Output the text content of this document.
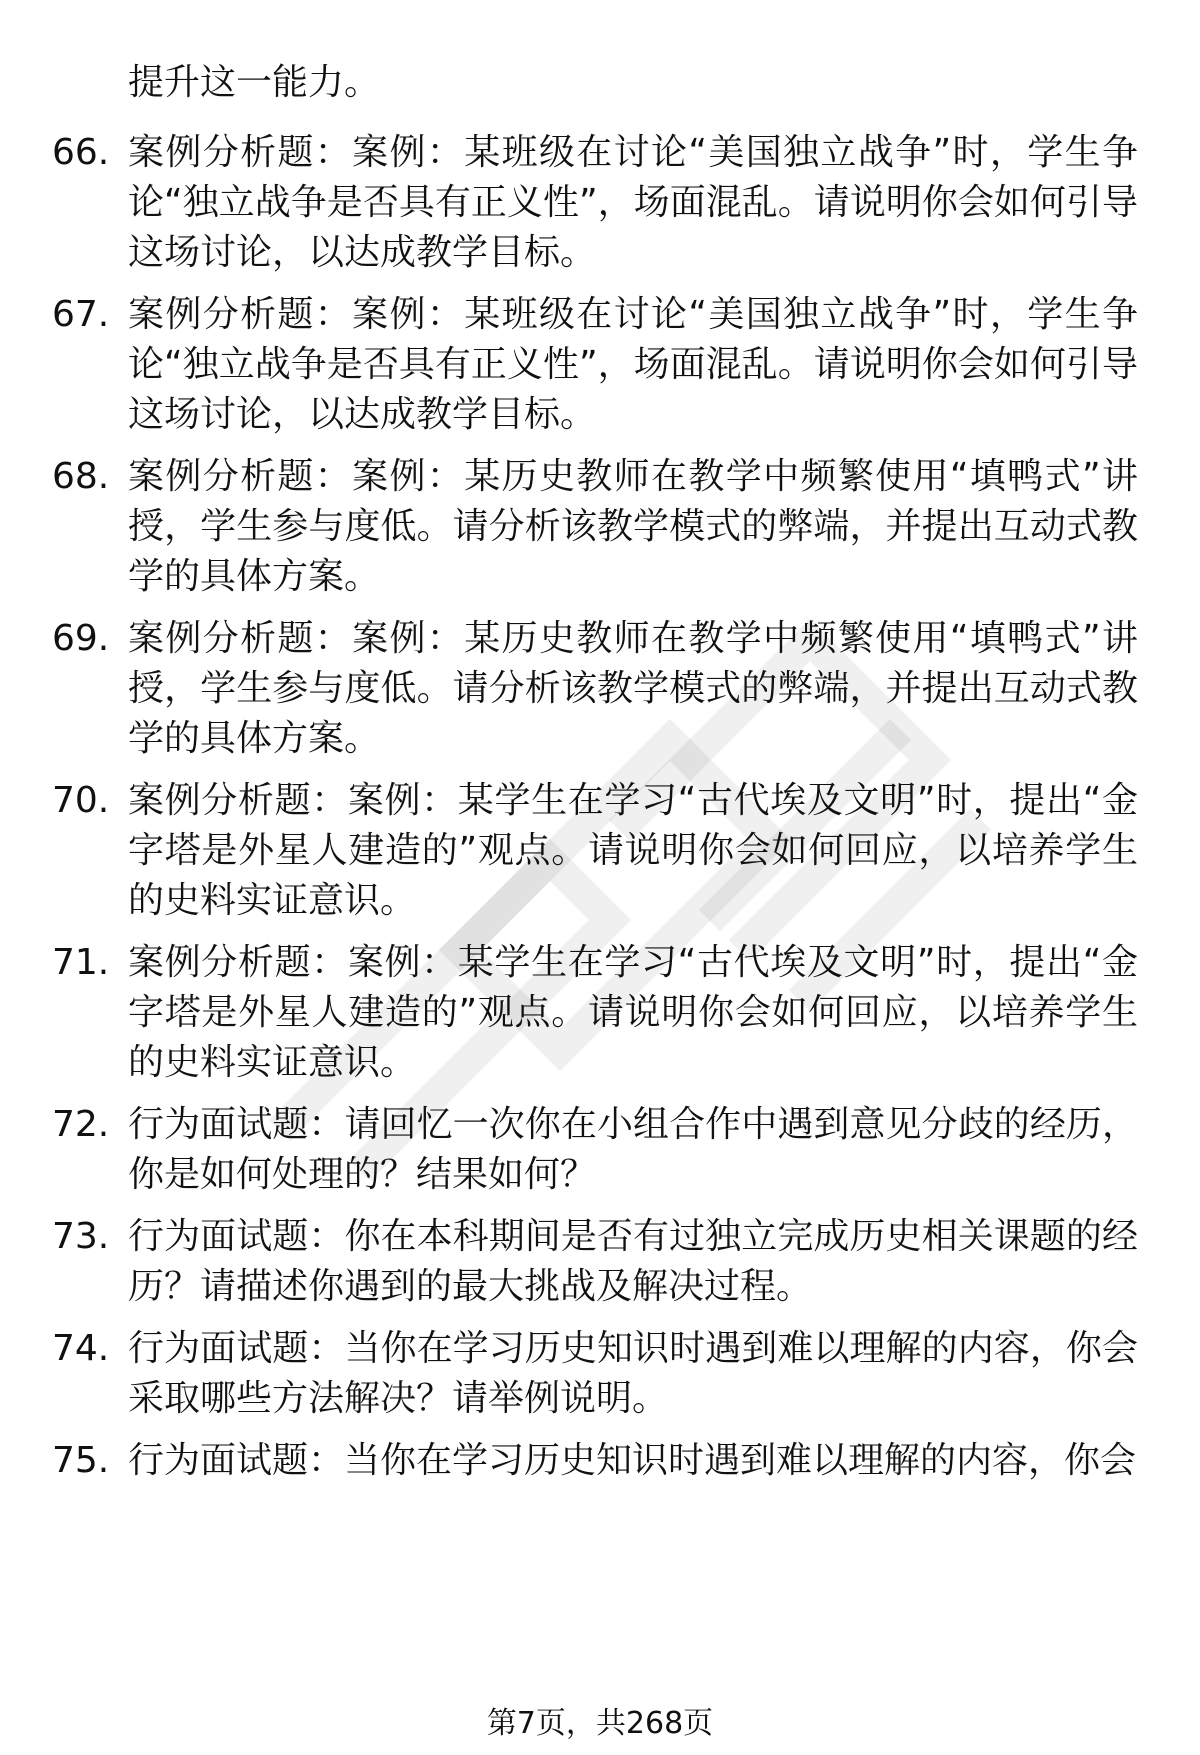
提升这一能力。
66. 案例分析题：案例：某班级在讨论“美国独立战争”时，学生争论“独立战争是否具有正义性”，场面混乱。请说明你会如何引导这场讨论，以达成教学目标。
67. 案例分析题：案例：某班级在讨论“美国独立战争”时，学生争论“独立战争是否具有正义性”，场面混乱。请说明你会如何引导这场讨论，以达成教学目标。
68. 案例分析题：案例：某历史教师在教学中频繁使用“填鸭式”讲授，学生参与度低。请分析该教学模式的弊端，并提出互动式教学的具体方案。
69. 案例分析题：案例：某历史教师在教学中频繁使用“填鸭式”讲授，学生参与度低。请分析该教学模式的弊端，并提出互动式教学的具体方案。
70. 案例分析题：案例：某学生在学习“古代埃及文明”时，提出“金字塔是外星人建造的”观点。请说明你会如何回应，以培养学生的史料实证意识。
71. 案例分析题：案例：某学生在学习“古代埃及文明”时，提出“金字塔是外星人建造的”观点。请说明你会如何回应，以培养学生的史料实证意识。
72. 行为面试题：请回忆一次你在小组合作中遇到意见分歧的经历，你是如何处理的？结果如何？
73. 行为面试题：你在本科期间是否有过独立完成历史相关课题的经历？请描述你遇到的最大挑战及解决过程。
74. 行为面试题：当你在学习历史知识时遇到难以理解的内容，你会采取哪些方法解决？请举例说明。
75. 行为面试题：当你在学习历史知识时遇到难以理解的内容，你会
第7页，共268页
